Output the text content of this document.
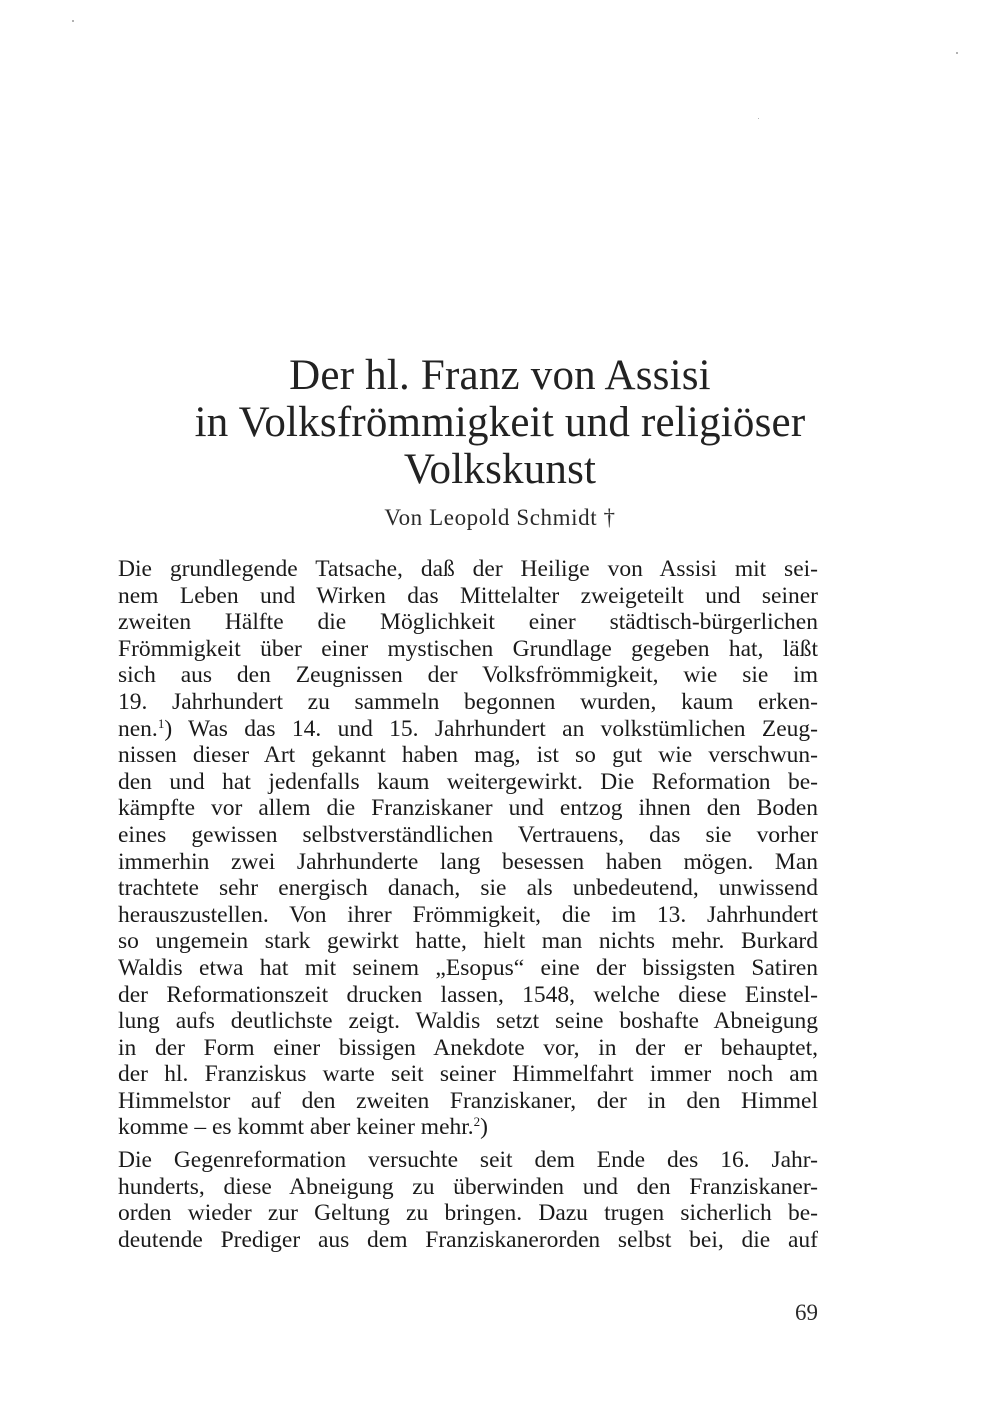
Der hl. Franz von Assisi
in Volksfrömmigkeit und religiöser
Volkskunst
Von Leopold Schmidt †
Die grundlegende Tatsache, daß der Heilige von Assisi mit sei-
nem Leben und Wirken das Mittelalter zweigeteilt und seiner
zweiten Hälfte die Möglichkeit einer städtisch-bürgerlichen
Frömmigkeit über einer mystischen Grundlage gegeben hat, läßt
sich aus den Zeugnissen der Volksfrömmigkeit, wie sie im
19. Jahrhundert zu sammeln begonnen wurden, kaum erken-
nen.$^1$) Was das 14. und 15. Jahrhundert an volkstümlichen Zeug-
nissen dieser Art gekannt haben mag, ist so gut wie verschwun-
den und hat jedenfalls kaum weitergewirkt. Die Reformation be-
kämpfte vor allem die Franziskaner und entzog ihnen den Boden
eines gewissen selbstverständlichen Vertrauens, das sie vorher
immerhin zwei Jahrhunderte lang besessen haben mögen. Man
trachtete sehr energisch danach, sie als unbedeutend, unwissend
herauszustellen. Von ihrer Frömmigkeit, die im 13. Jahrhundert
so ungemein stark gewirkt hatte, hielt man nichts mehr. Burkard
Waldis etwa hat mit seinem „Esopus“ eine der bissigsten Satiren
der Reformationszeit drucken lassen, 1548, welche diese Einstel-
lung aufs deutlichste zeigt. Waldis setzt seine boshafte Abneigung
in der Form einer bissigen Anekdote vor, in der er behauptet,
der hl. Franziskus warte seit seiner Himmelfahrt immer noch am
Himmelstor auf den zweiten Franziskaner, der in den Himmel
komme – es kommt aber keiner mehr.$^2$)
Die Gegenreformation versuchte seit dem Ende des 16. Jahr-
hunderts, diese Abneigung zu überwinden und den Franziskaner-
orden wieder zur Geltung zu bringen. Dazu trugen sicherlich be-
deutende Prediger aus dem Franziskanerorden selbst bei, die auf
69
